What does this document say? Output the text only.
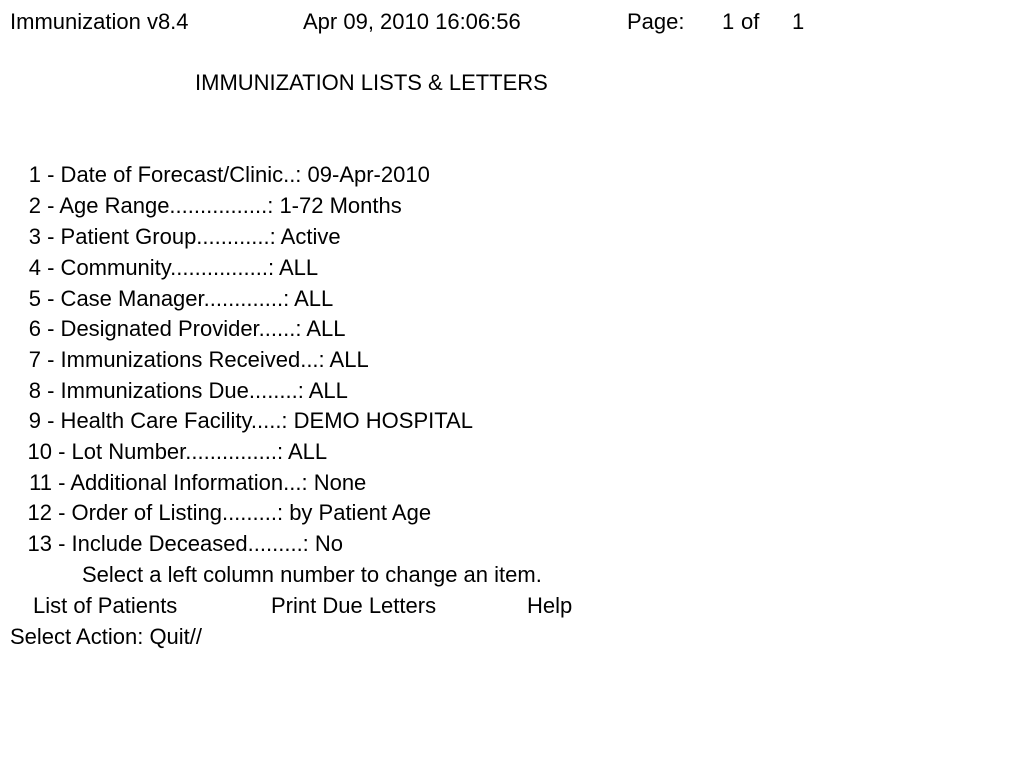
Immunization v8.4

	Apr 09, 2010 16:06:56

	Page:

1

of

1

IMMUNIZATION LISTS & LETTERS
1 - Date of Forecast/Clinic..: 09-Apr-2010
2 - Age Range................: 1-72 Months
3 - Patient Group............: Active
4 - Community................: ALL
5 - Case Manager.............: ALL
6 - Designated Provider......: ALL
7 - Immunizations Received...: ALL
8 - Immunizations Due........: ALL
9 - Health Care Facility.....: DEMO HOSPITAL
10 - Lot Number...............: ALL
11 - Additional Information...: None
12 - Order of Listing.........: by Patient Age
13 - Include Deceased.........: No
Select a left column number to change an item.

List of Patients

	Print Due Letters

	Help

Select Action: Quit//
